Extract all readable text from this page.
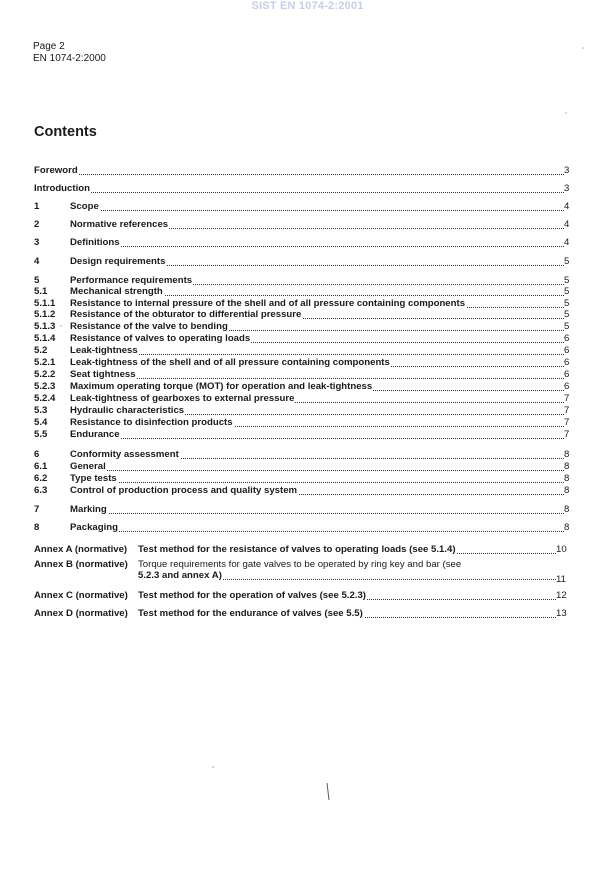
SIST EN 1074-2:2001
Page 2
EN 1074-2:2000
Contents
Foreword	3
Introduction	3
1	Scope	4
2	Normative references	4
3	Definitions	4
4	Design requirements	5
5	Performance requirements	5
5.1 Mechanical strength	5
5.1.1 Resistance to internal pressure of the shell and of all pressure containing components	5
5.1.2 Resistance of the obturator to differential pressure	5
5.1.3 Resistance of the valve to bending	5
5.1.4 Resistance of valves to operating loads	6
5.2 Leak-tightness	6
5.2.1 Leak-tightness of the shell and of all pressure containing components	6
5.2.2 Seat tightness	6
5.2.3 Maximum operating torque (MOT) for operation and leak-tightness	6
5.2.4 Leak-tightness of gearboxes to external pressure	7
5.3 Hydraulic characteristics	7
5.4 Resistance to disinfection products	7
5.5 Endurance	7
6	Conformity assessment	8
6.1 General	8
6.2 Type tests	8
6.3 Control of production process and quality system	8
7	Marking	8
8	Packaging	8
Annex A (normative) Test method for the resistance of valves to operating loads (see 5.1.4)	10
Annex B (normative) Torque requirements for gate valves to be operated by ring key and bar (see
5.2.3 and annex A)	11
Annex C (normative) Test method for the operation of valves (see 5.2.3)	12
Annex D (normative) Test method for the endurance of valves (see 5.5)	13
